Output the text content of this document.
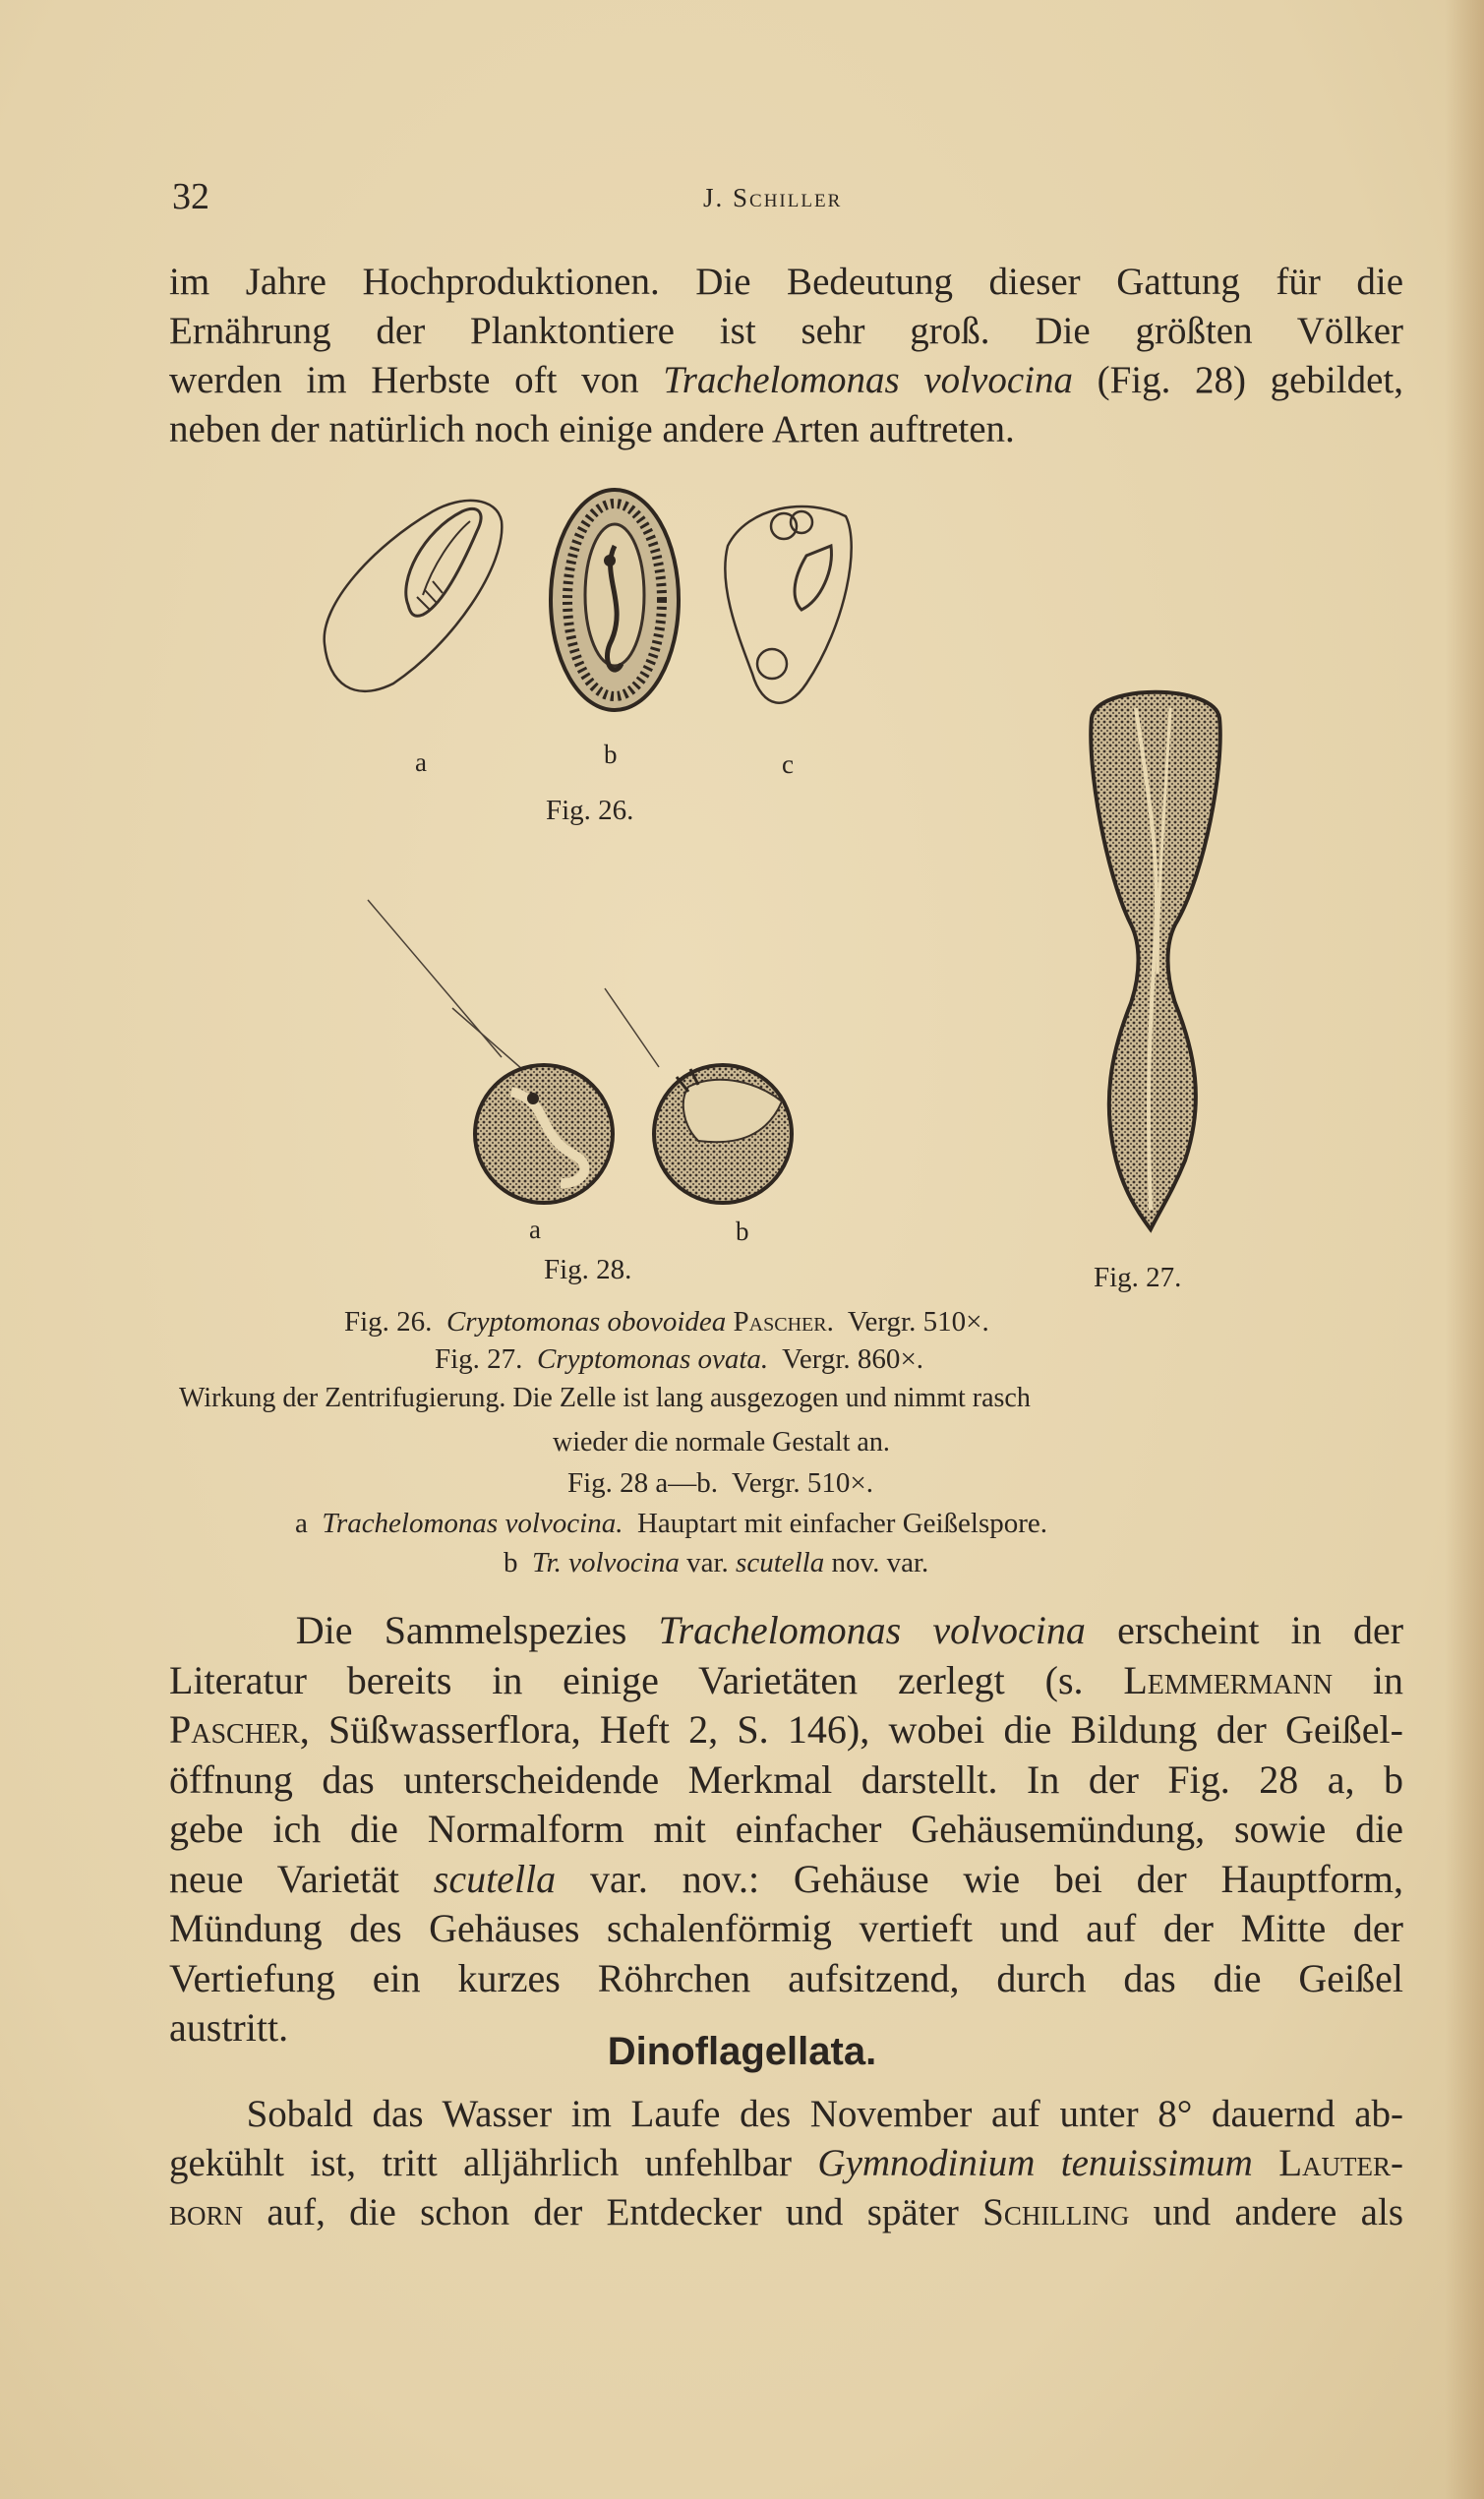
32	J. Schiller
im Jahre Hochproduktionen. Die Bedeutung dieser Gattung für die
Ernährung der Planktontiere ist sehr groß. Die größten Völker
werden im Herbste oft von Trachelomonas volvocina (Fig. 28) gebildet,
neben der natürlich noch einige andere Arten auftreten.
a	b	c
Fig. 26.
Fig. 27.
a	b
Fig. 28.
Fig. 26. Cryptomonas obovoidea Pascher. Vergr. 510×.
Fig. 27. Cryptomonas ovata. Vergr. 860×.
Wirkung der Zentrifugierung. Die Zelle ist lang ausgezogen und nimmt rasch
wieder die normale Gestalt an.
Fig. 28 a—b. Vergr. 510×.
a Trachelomonas volvocina. Hauptart mit einfacher Geißelspore.
b Tr. volvocina var. scutella nov. var.
Die Sammelspezies Trachelomonas volvocina erscheint in der
Literatur bereits in einige Varietäten zerlegt (s. Lemmermann in
Pascher, Süßwasserflora, Heft 2, S. 146), wobei die Bildung der Geißel-
öffnung das unterscheidende Merkmal darstellt. In der Fig. 28 a, b
gebe ich die Normalform mit einfacher Gehäusemündung, sowie die
neue Varietät scutella var. nov.: Gehäuse wie bei der Hauptform,
Mündung des Gehäuses schalenförmig vertieft und auf der Mitte der
Vertiefung ein kurzes Röhrchen aufsitzend, durch das die Geißel
austritt.
Dinoflagellata.
Sobald das Wasser im Laufe des November auf unter 8° dauernd ab-
gekühlt ist, tritt alljährlich unfehlbar Gymnodinium tenuissimum Lauter-
born auf, die schon der Entdecker und später Schilling und andere als
